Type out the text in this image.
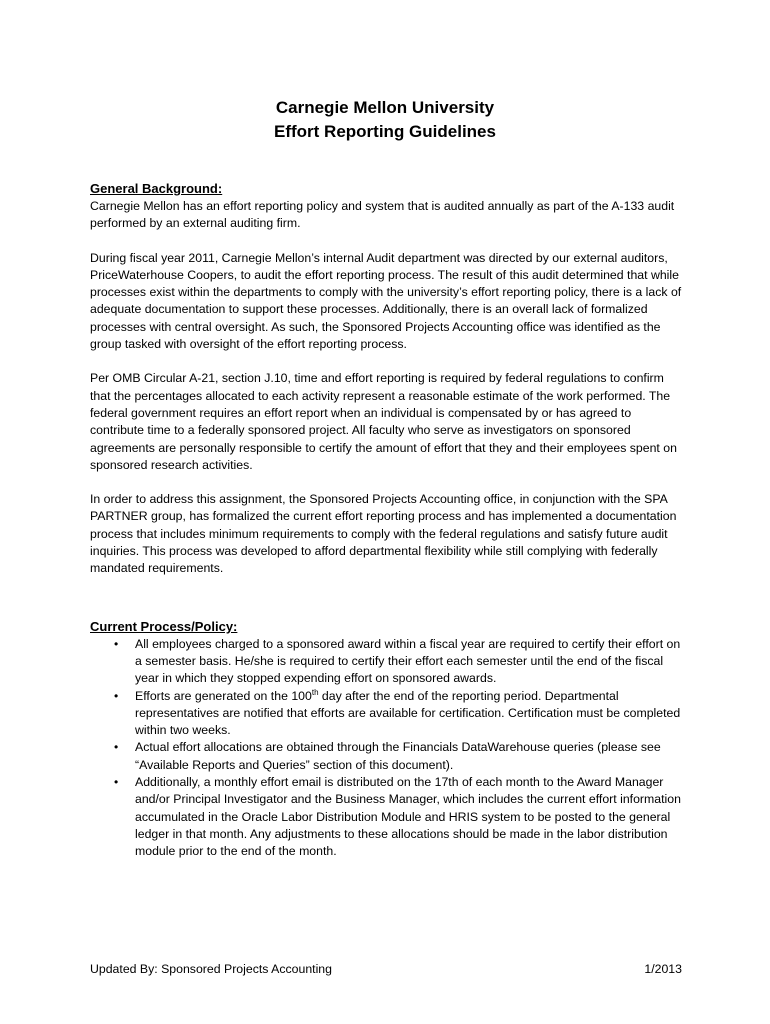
Carnegie Mellon University

Effort Reporting Guidelines

General Background:

Carnegie Mellon has an effort reporting policy and system that is audited annually as part of the A-133 audit performed by an external auditing firm.

During fiscal year 2011, Carnegie Mellon’s internal Audit department was directed by our external auditors, PriceWaterhouse Coopers, to audit the effort reporting process. The result of this audit determined that while processes exist within the departments to comply with the university’s effort reporting policy, there is a lack of adequate documentation to support these processes. Additionally, there is an overall lack of formalized processes with central oversight. As such, the Sponsored Projects Accounting office was identified as the group tasked with oversight of the effort reporting process.

Per OMB Circular A-21, section J.10, time and effort reporting is required by federal regulations to confirm that the percentages allocated to each activity represent a reasonable estimate of the work performed. The federal government requires an effort report when an individual is compensated by or has agreed to contribute time to a federally sponsored project. All faculty who serve as investigators on sponsored agreements are personally responsible to certify the amount of effort that they and their employees spent on sponsored research activities.

In order to address this assignment, the Sponsored Projects Accounting office, in conjunction with the SPA PARTNER group, has formalized the current effort reporting process and has implemented a documentation process that includes minimum requirements to comply with the federal regulations and satisfy future audit inquiries. This process was developed to afford departmental flexibility while still complying with federally mandated requirements.

Current Process/Policy:
• All employees charged to a sponsored award within a fiscal year are required to certify their effort on a semester basis. He/she is required to certify their effort each semester until the end of the fiscal year in which they stopped expending effort on sponsored awards.
• Efforts are generated on the 100th day after the end of the reporting period. Departmental representatives are notified that efforts are available for certification. Certification must be completed within two weeks.
• Actual effort allocations are obtained through the Financials DataWarehouse queries (please see “Available Reports and Queries” section of this document).
• Additionally, a monthly effort email is distributed on the 17th of each month to the Award Manager and/or Principal Investigator and the Business Manager, which includes the current effort information accumulated in the Oracle Labor Distribution Module and HRIS system to be posted to the general ledger in that month. Any adjustments to these allocations should be made in the labor distribution module prior to the end of the month.
Updated By: Sponsored Projects Accounting	1/2013
